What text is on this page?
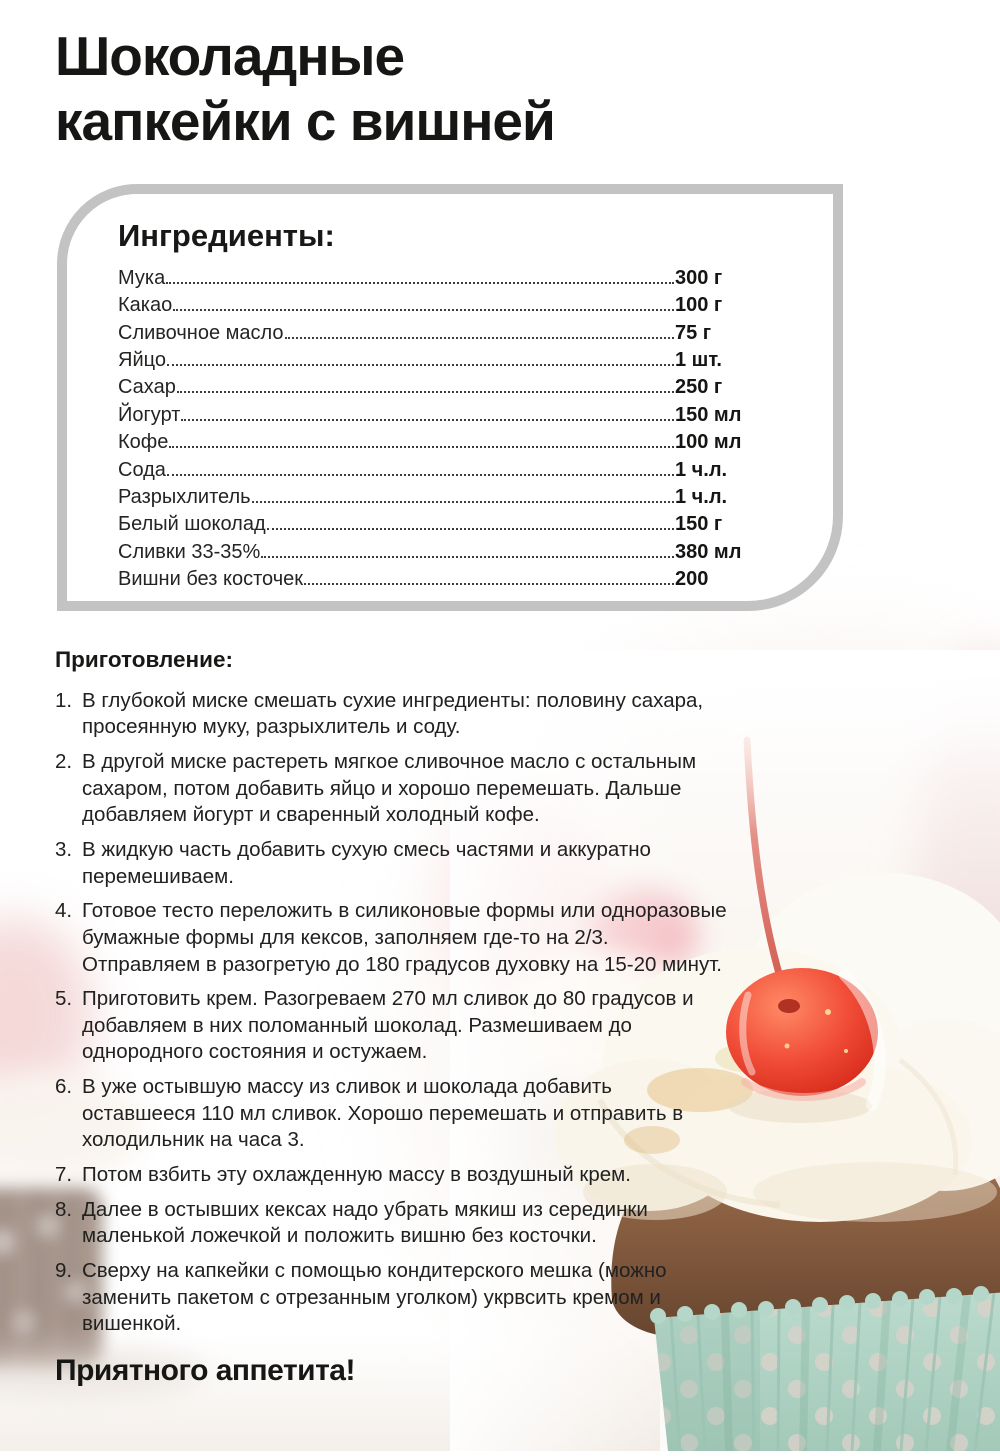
Шоколадные
капкейки с вишней
Ингредиенты:
Мука	300 г
Какао	100 г
Сливочное масло	75 г
Яйцо	1 шт.
Сахар	250 г
Йогурт	150 мл
Кофе	100 мл
Сода	1 ч.л.
Разрыхлитель	1 ч.л.
Белый шоколад	150 г
Сливки 33-35%	380 мл
Вишни без косточек	200
Приготовление:
В глубокой миске смешать сухие ингредиенты: половину сахара, просеянную муку, разрыхлитель и соду.
В другой миске растереть мягкое сливочное масло с остальным сахаром, потом добавить яйцо и хорошо перемешать. Дальше добавляем йогурт и сваренный холодный кофе.
В жидкую часть добавить сухую смесь частями и аккуратно перемешиваем.
Готовое тесто переложить в силиконовые формы или одноразовые бумажные формы для кексов, заполняем где-то на 2/3. Отправляем в разогретую до 180 градусов духовку на 15-20 минут.
Приготовить крем. Разогреваем 270 мл сливок до 80 градусов и добавляем в них поломанный шоколад. Размешиваем до однородного состояния и остужаем.
В уже остывшую массу из сливок и шоколада добавить оставшееся 110 мл сливок. Хорошо перемешать и отправить в холодильник на часа 3.
Потом взбить эту охлажденную массу в воздушный крем.
Далее в остывших кексах надо убрать мякиш из серединки маленькой ложечкой и положить вишню без косточки.
Сверху на капкейки с помощью кондитерского мешка (можно заменить пакетом с отрезанным уголком) укрвсить кремом и вишенкой.
Приятного аппетита!
